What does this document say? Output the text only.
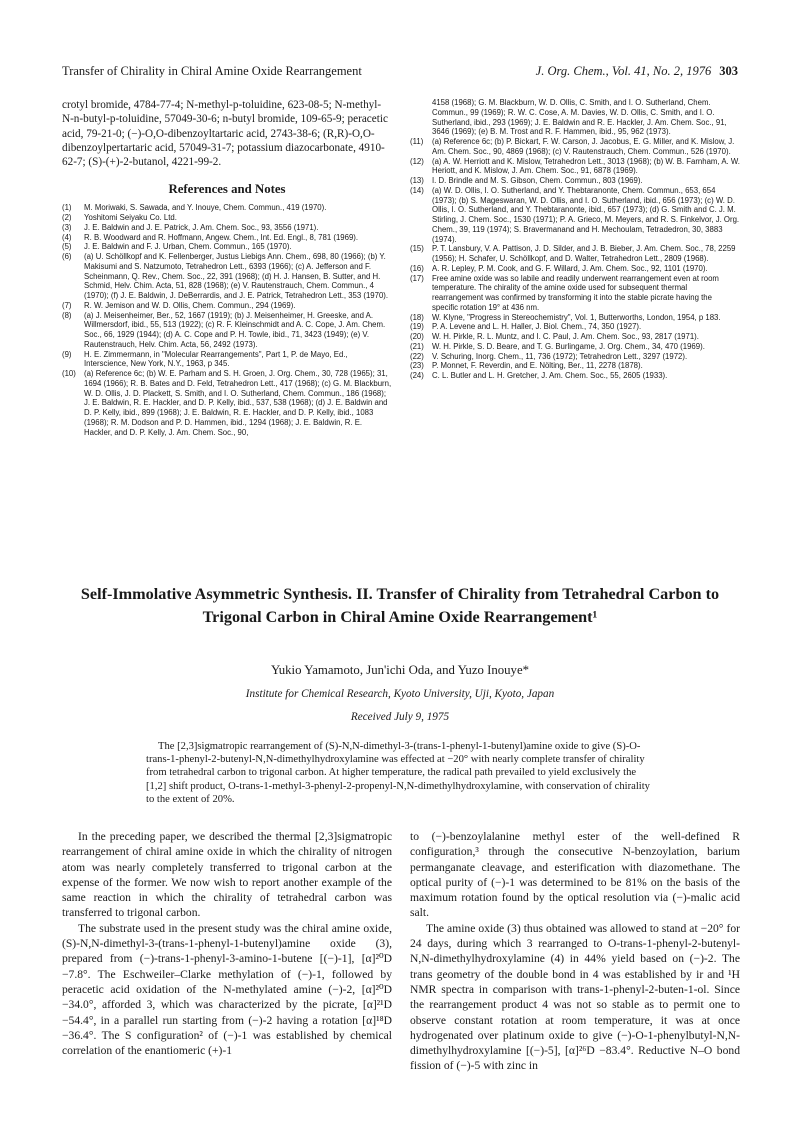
Transfer of Chirality in Chiral Amine Oxide Rearrangement	J. Org. Chem., Vol. 41, No. 2, 1976 303

crotyl bromide, 4784-77-4; N-methyl-p-toluidine, 623-08-5; N-methyl-N-n-butyl-p-toluidine, 57049-30-6; n-butyl bromide, 109-65-9; peracetic acid, 79-21-0; (−)-O,O-dibenzoyltartaric acid, 2743-38-6; (R,R)-O,O-dibenzoylpertartaric acid, 57049-31-7; potassium diazocarbonate, 4910-62-7; (S)-(+)-2-butanol, 4221-99-2.

References and Notes
(1) M. Moriwaki, S. Sawada, and Y. Inouye, Chem. Commun., 419 (1970).
(2) Yoshitomi Seiyaku Co. Ltd.
(3) J. E. Baldwin and J. E. Patrick, J. Am. Chem. Soc., 93, 3556 (1971).
(4) R. B. Woodward and R. Hoffmann, Angew. Chem., Int. Ed. Engl., 8, 781 (1969).
(5) J. E. Baldwin and F. J. Urban, Chem. Commun., 165 (1970).
(6) (a) U. Schöllkopf and K. Fellenberger, Justus Liebigs Ann. Chem., 698, 80 (1966); (b) Y. Makisumi and S. Natzumoto, Tetrahedron Lett., 6393 (1966); (c) A. Jefferson and F. Scheinmann, Q. Rev., Chem. Soc., 22, 391 (1968); (d) H. J. Hansen, B. Sutter, and H. Schmid, Helv. Chim. Acta, 51, 828 (1968); (e) V. Rautenstrauch, Chem. Commun., 4 (1970); (f) J. E. Baldwin, J. DeBerrardis, and J. E. Patrick, Tetrahedron Lett., 353 (1970).
(7) R. W. Jemison and W. D. Ollis, Chem. Commun., 294 (1969).
(8) (a) J. Meisenheimer, Ber., 52, 1667 (1919); (b) J. Meisenheimer, H. Greeske, and A. Willmersdorf, ibid., 55, 513 (1922); (c) R. F. Kleinschmidt and A. C. Cope, J. Am. Chem. Soc., 66, 1929 (1944); (d) A. C. Cope and P. H. Towle, ibid., 71, 3423 (1949); (e) V. Rautenstrauch, Helv. Chim. Acta, 56, 2492 (1973).
(9) H. E. Zimmermann, in "Molecular Rearrangements", Part 1, P. de Mayo, Ed., Interscience, New York, N.Y., 1963, p 345.
(10) (a) Reference 6c; (b) W. E. Parham and S. H. Groen, J. Org. Chem., 30, 728 (1965); 31, 1694 (1966); R. B. Bates and D. Feld, Tetrahedron Lett., 417 (1968); (c) G. M. Blackburn, W. D. Ollis, J. D. Plackett, S. Smith, and I. O. Sutherland, Chem. Commun., 186 (1968); J. E. Baldwin, R. E. Hackler, and D. P. Kelly, ibid., 537, 538 (1968); (d) J. E. Baldwin and D. P. Kelly, ibid., 899 (1968); J. E. Baldwin, R. E. Hackler, and D. P. Kelly, ibid., 1083 (1968); R. M. Dodson and P. D. Hammen, ibid., 1294 (1968); J. E. Baldwin, R. E. Hackler, and D. P. Kelly, J. Am. Chem. Soc., 90,
4158 (1968); G. M. Blackburn, W. D. Ollis, C. Smith, and I. O. Sutherland, Chem. Commun., 99 (1969); R. W. C. Cose, A. M. Davies, W. D. Ollis, C. Smith, and I. O. Sutherland, ibid., 293 (1969); J. E. Baldwin and R. E. Hackler, J. Am. Chem. Soc., 91, 3646 (1969); (e) B. M. Trost and R. F. Hammen, ibid., 95, 962 (1973).
(11) (a) Reference 6c; (b) P. Bickart, F. W. Carson, J. Jacobus, E. G. Miller, and K. Mislow, J. Am. Chem. Soc., 90, 4869 (1968); (c) V. Rautenstrauch, Chem. Commun., 526 (1970).
(12) (a) A. W. Herriott and K. Mislow, Tetrahedron Lett., 3013 (1968); (b) W. B. Farnham, A. W. Heriott, and K. Mislow, J. Am. Chem. Soc., 91, 6878 (1969).
(13) I. D. Brindle and M. S. Gibson, Chem. Commun., 803 (1969).
(14) (a) W. D. Ollis, I. O. Sutherland, and Y. Thebtaranonte, Chem. Commun., 653, 654 (1973); (b) S. Mageswaran, W. D. Ollis, and I. O. Sutherland, ibid., 656 (1973); (c) W. D. Ollis, I. O. Sutherland, and Y. Thebtaranonte, ibid., 657 (1973); (d) G. Smith and C. J. M. Stirling, J. Chem. Soc., 1530 (1971); P. A. Grieco, M. Meyers, and R. S. Finkelvor, J. Org. Chem., 39, 119 (1974); S. Bravermanand and H. Mechoulam, Tetradedron, 30, 3883 (1974).
(15) P. T. Lansbury, V. A. Pattison, J. D. Silder, and J. B. Bieber, J. Am. Chem. Soc., 78, 2259 (1956); H. Schafer, U. Schöllkopf, and D. Walter, Tetrahedron Lett., 2809 (1968).
(16) A. R. Lepley, P. M. Cook, and G. F. Willard, J. Am. Chem. Soc., 92, 1101 (1970).
(17) Free amine oxide was so labile and readily underwent rearrangement even at room temperature. The chirality of the amine oxide used for subsequent thermal rearrangement was confirmed by transforming it into the stable picrate having the specific rotation 19° at 436 nm.
(18) W. Klyne, "Progress in Stereochemistry", Vol. 1, Butterworths, London, 1954, p 183.
(19) P. A. Levene and L. H. Haller, J. Biol. Chem., 74, 350 (1927).
(20) W. H. Pirkle, R. L. Muntz, and I. C. Paul, J. Am. Chem. Soc., 93, 2817 (1971).
(21) W. H. Pirkle, S. D. Beare, and T. G. Burlingame, J. Org. Chem., 34, 470 (1969).
(22) V. Schuring, Inorg. Chem., 11, 736 (1972); Tetrahedron Lett., 3297 (1972).
(23) P. Monnet, F. Reverdin, and E. Nölting, Ber., 11, 2278 (1878).
(24) C. L. Butler and L. H. Gretcher, J. Am. Chem. Soc., 55, 2605 (1933).
Self-Immolative Asymmetric Synthesis. II. Transfer of Chirality from Tetrahedral Carbon to Trigonal Carbon in Chiral Amine Oxide Rearrangement¹
Yukio Yamamoto, Jun'ichi Oda, and Yuzo Inouye*
Institute for Chemical Research, Kyoto University, Uji, Kyoto, Japan
Received July 9, 1975

The [2,3]sigmatropic rearrangement of (S)-N,N-dimethyl-3-(trans-1-phenyl-1-butenyl)amine oxide to give (S)-O-trans-1-phenyl-2-butenyl-N,N-dimethylhydroxylamine was effected at −20° with nearly complete transfer of chirality from tetrahedral carbon to trigonal carbon. At higher temperature, the radical path prevailed to yield exclusively the [1,2] shift product, O-trans-1-methyl-3-phenyl-2-propenyl-N,N-dimethylhydroxylamine, with conservation of chirality to the extent of 20%.

In the preceding paper, we described the thermal [2,3]sigmatropic rearrangement of chiral amine oxide in which the chirality of nitrogen atom was nearly completely transferred to trigonal carbon at the expense of the former. We now wish to report another example of the same reaction in which the chirality of tetrahedral carbon was transferred to trigonal carbon.

The substrate used in the present study was the chiral amine oxide, (S)-N,N-dimethyl-3-(trans-1-phenyl-1-butenyl)amine oxide (3), prepared from (−)-trans-1-phenyl-3-amino-1-butene [(−)-1], [α]²⁰D −7.8°. The Eschweiler–Clarke methylation of (−)-1, followed by peracetic acid oxidation of the N-methylated amine (−)-2, [α]²⁰D −34.0°, afforded 3, which was characterized by the picrate, [α]²¹D −54.4°, in a parallel run starting from (−)-2 having a rotation [α]¹⁸D −36.4°. The S configuration² of (−)-1 was established by chemical correlation of the enantiomeric (+)-1

to (−)-benzoylalanine methyl ester of the well-defined R configuration,³ through the consecutive N-benzoylation, barium permanganate cleavage, and esterification with diazomethane. The optical purity of (−)-1 was determined to be 81% on the basis of the maximum rotation found by the optical resolution via (−)-malic acid salt.

The amine oxide (3) thus obtained was allowed to stand at −20° for 24 days, during which 3 rearranged to O-trans-1-phenyl-2-butenyl-N,N-dimethylhydroxylamine (4) in 44% yield based on (−)-2. The trans geometry of the double bond in 4 was established by ir and ¹H NMR spectra in comparison with trans-1-phenyl-2-buten-1-ol. Since the rearrangement product 4 was not so stable as to permit one to observe constant rotation at room temperature, it was at once hydrogenated over platinum oxide to give (−)-O-1-phenylbutyl-N,N-dimethylhydroxylamine [(−)-5], [α]²⁶D −83.4°. Reductive N–O bond fission of (−)-5 with zinc in
